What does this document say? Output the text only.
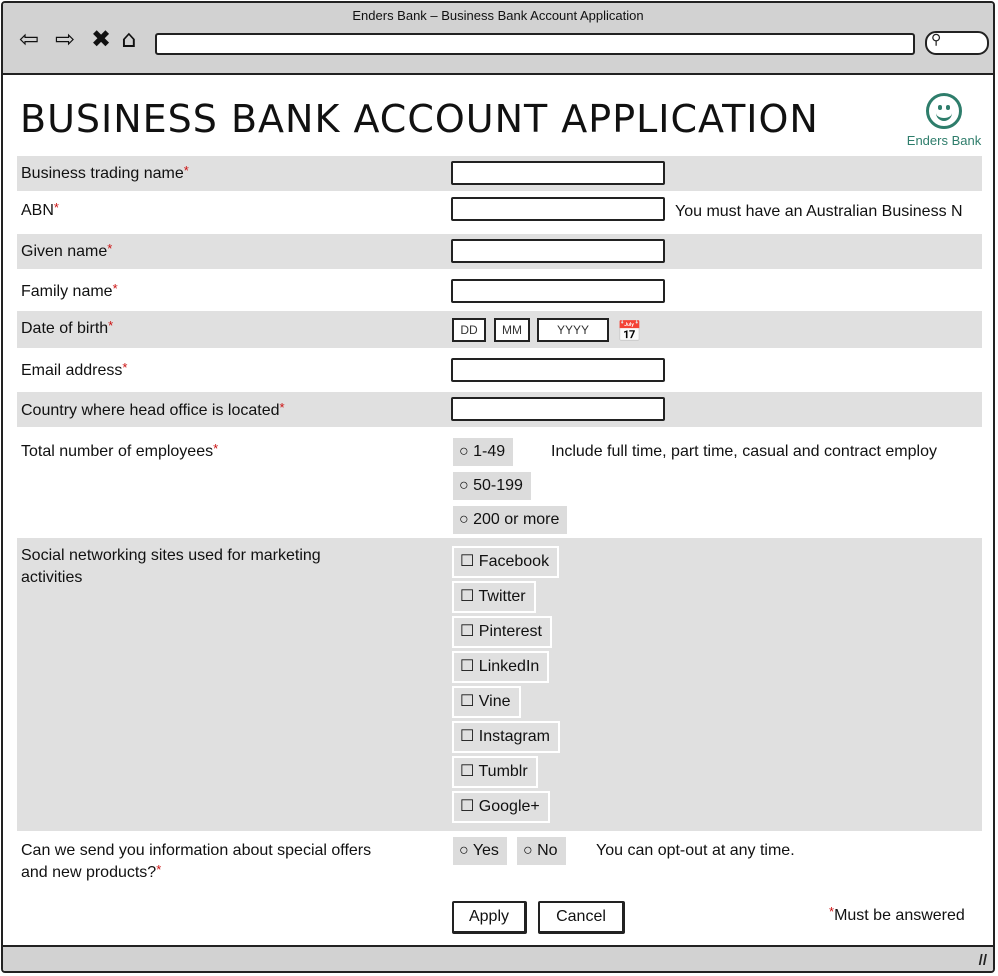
Enders Bank – Business Bank Account Application
⇦ ⇨ ✖ ⌂	⚲
BUSINESS BANK ACCOUNT APPLICATION	Enders Bank
Business trading name*
ABN*	You must have an Australian Business N
Given name*
Family name*
Date of birth*	DD	MM	YYYY	📅
Email address*
Country where head office is located*
Total number of employees*	○ 1-49	Include full time, part time, casual and contract employ
○ 50-199
○ 200 or more
Social networking sites used for marketing
activities
☐ Facebook
☐ Twitter
☐ Pinterest
☐ LinkedIn
☐ Vine
☐ Instagram
☐ Tumblr
☐ Google+
Can we send you information about special offers
and new products?*
○ Yes	○ No	You can opt-out at any time.
Apply	Cancel	*Must be answered
//
